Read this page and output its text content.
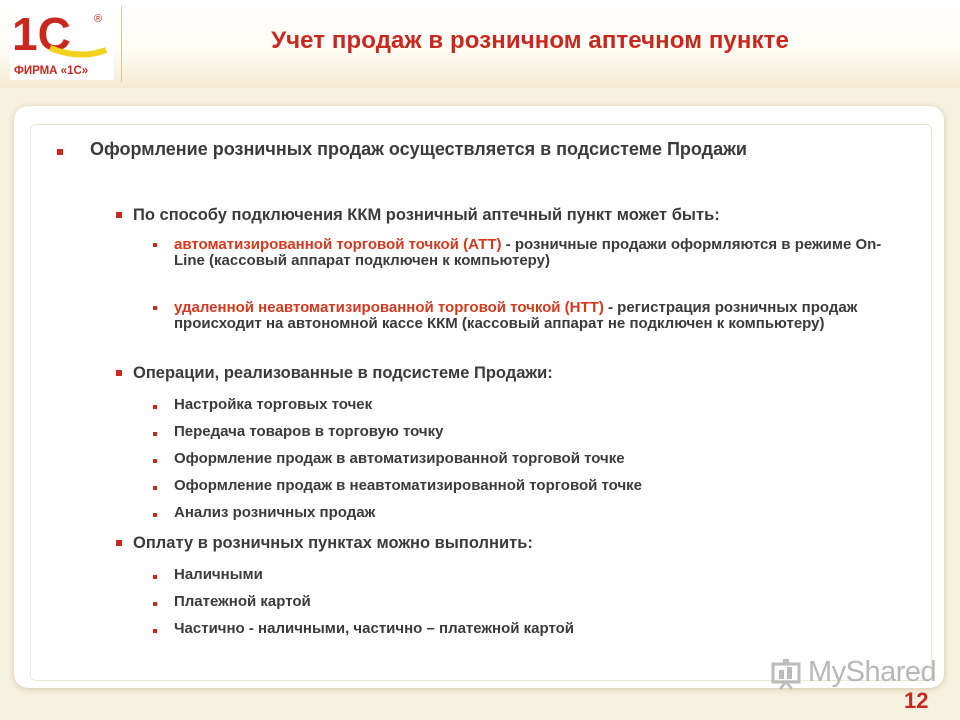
1С ®
ФИРМА «1С»
Учет продаж в розничном аптечном пункте
Оформление розничных продаж осуществляется в подсистеме Продажи
По способу подключения ККМ розничный аптечный пункт может быть:
автоматизированной торговой точкой (АТТ) - розничные продажи оформляются в режиме On-Line (кассовый аппарат подключен к компьютеру)
удаленной неавтоматизированной торговой точкой (НТТ) - регистрация розничных продаж происходит на автономной кассе ККМ (кассовый аппарат не подключен к компьютеру)
Операции, реализованные в подсистеме Продажи:
Настройка торговых точек
Передача товаров в торговую точку
Оформление продаж в автоматизированной торговой точке
Оформление продаж в неавтоматизированной торговой точке
Анализ розничных продаж
Оплату в розничных пунктах можно выполнить:
Наличными
Платежной картой
Частично - наличными, частично – платежной картой
MyShared
12
